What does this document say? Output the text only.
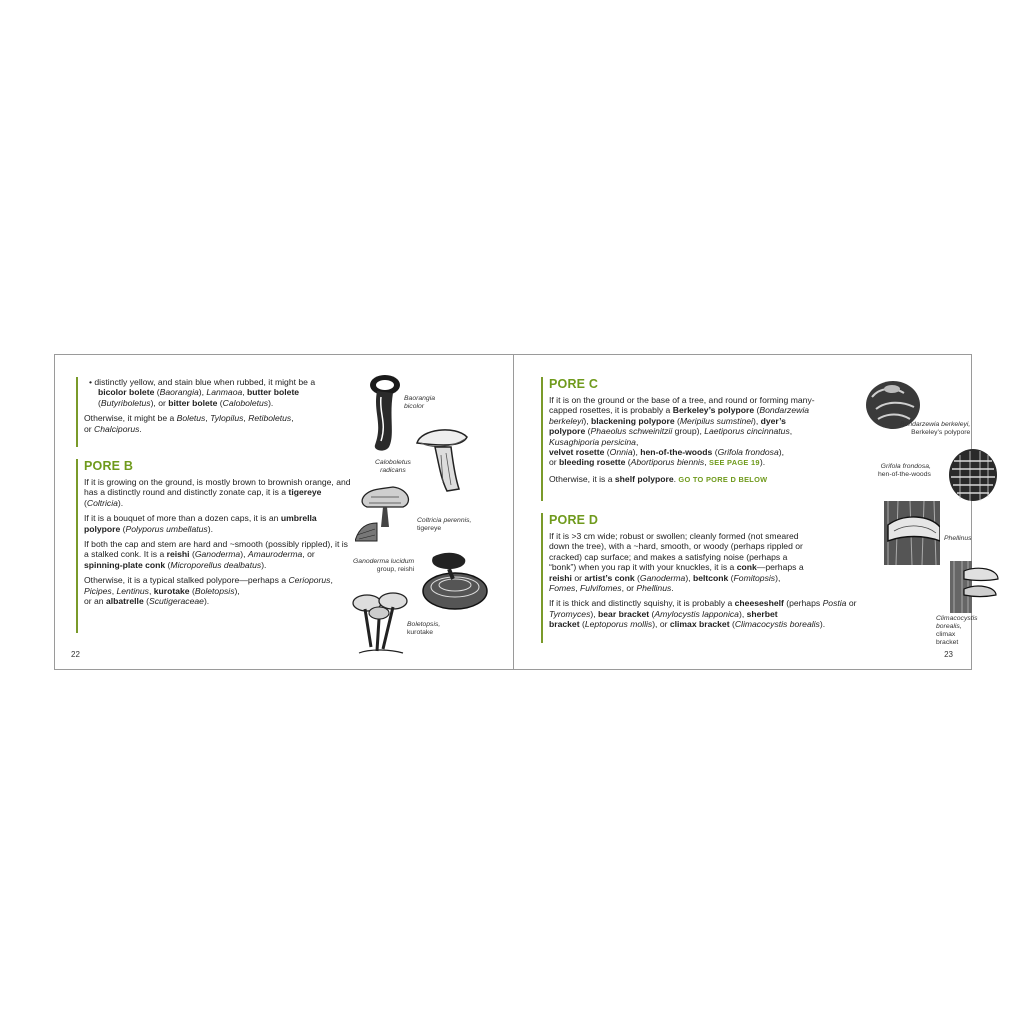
• distinctly yellow, and stain blue when rubbed, it might be a bicolor bolete (Baorangia), Lanmaoa, butter bolete (Butyriboletus), or bitter bolete (Caloboletus).

Otherwise, it might be a Boletus, Tylopilus, Retiboletus,
or Chalciporus.

PORE B

If it is growing on the ground, is mostly brown to brownish orange, and has a distinctly round and distinctly zonate cap, it is a tigereye (Coltricia).

If it is a bouquet of more than a dozen caps, it is an umbrella polypore (Polyporus umbellatus).

If both the cap and stem are hard and ~smooth (possibly rippled), it is a stalked conk. It is a reishi (Ganoderma), Amauroderma, or spinning-plate conk (Microporellus dealbatus).

Otherwise, it is a typical stalked polypore—perhaps a Cerioporus, Picipes, Lentinus, kurotake (Boletopsis),
or an albatrelle (Scutigeraceae).

Baorangia
bicolor
Caloboletus
radicans
Coltricia perennis,
tigereye
Ganoderma lucidum
group, reishi
Boletopsis,
kurotake
22
PORE C

If it is on the ground or the base of a tree, and round or forming many-capped rosettes, it is probably a Berkeley’s polypore (Bondarzewia berkeleyi), blackening polypore (Meripilus sumstinei), dyer’s polypore (Phaeolus schweinitzii group), Laetiporus cincinnatus, Kusaghiporia persicina,
velvet rosette (Onnia), hen-of-the-woods (Grifola frondosa),
or bleeding rosette (Abortiporus biennis, SEE PAGE 19).

Otherwise, it is a shelf polypore. GO TO PORE D BELOW

PORE D

If it is >3 cm wide; robust or swollen; cleanly formed (not smeared down the tree), with a ~hard, smooth, or woody (perhaps rippled or cracked) cap surface; and makes a satisfying noise (perhaps a “bonk”) when you rap it with your knuckles, it is a conk—perhaps a reishi or artist’s conk (Ganoderma), beltconk (Fomitopsis), Fomes, Fulvifomes, or Phellinus.

If it is thick and distinctly squishy, it is probably a cheeseshelf (perhaps Postia or Tyromyces), bear bracket (Amylocystis lapponica), sherbet
bracket (Leptoporus mollis), or climax bracket (Climacocystis borealis).

Bondarzewia berkeleyi,
Berkeley’s polypore
Grifola frondosa,
hen-of-the-woods
Phellinus
Climacocystis
borealis,
climax bracket
23
